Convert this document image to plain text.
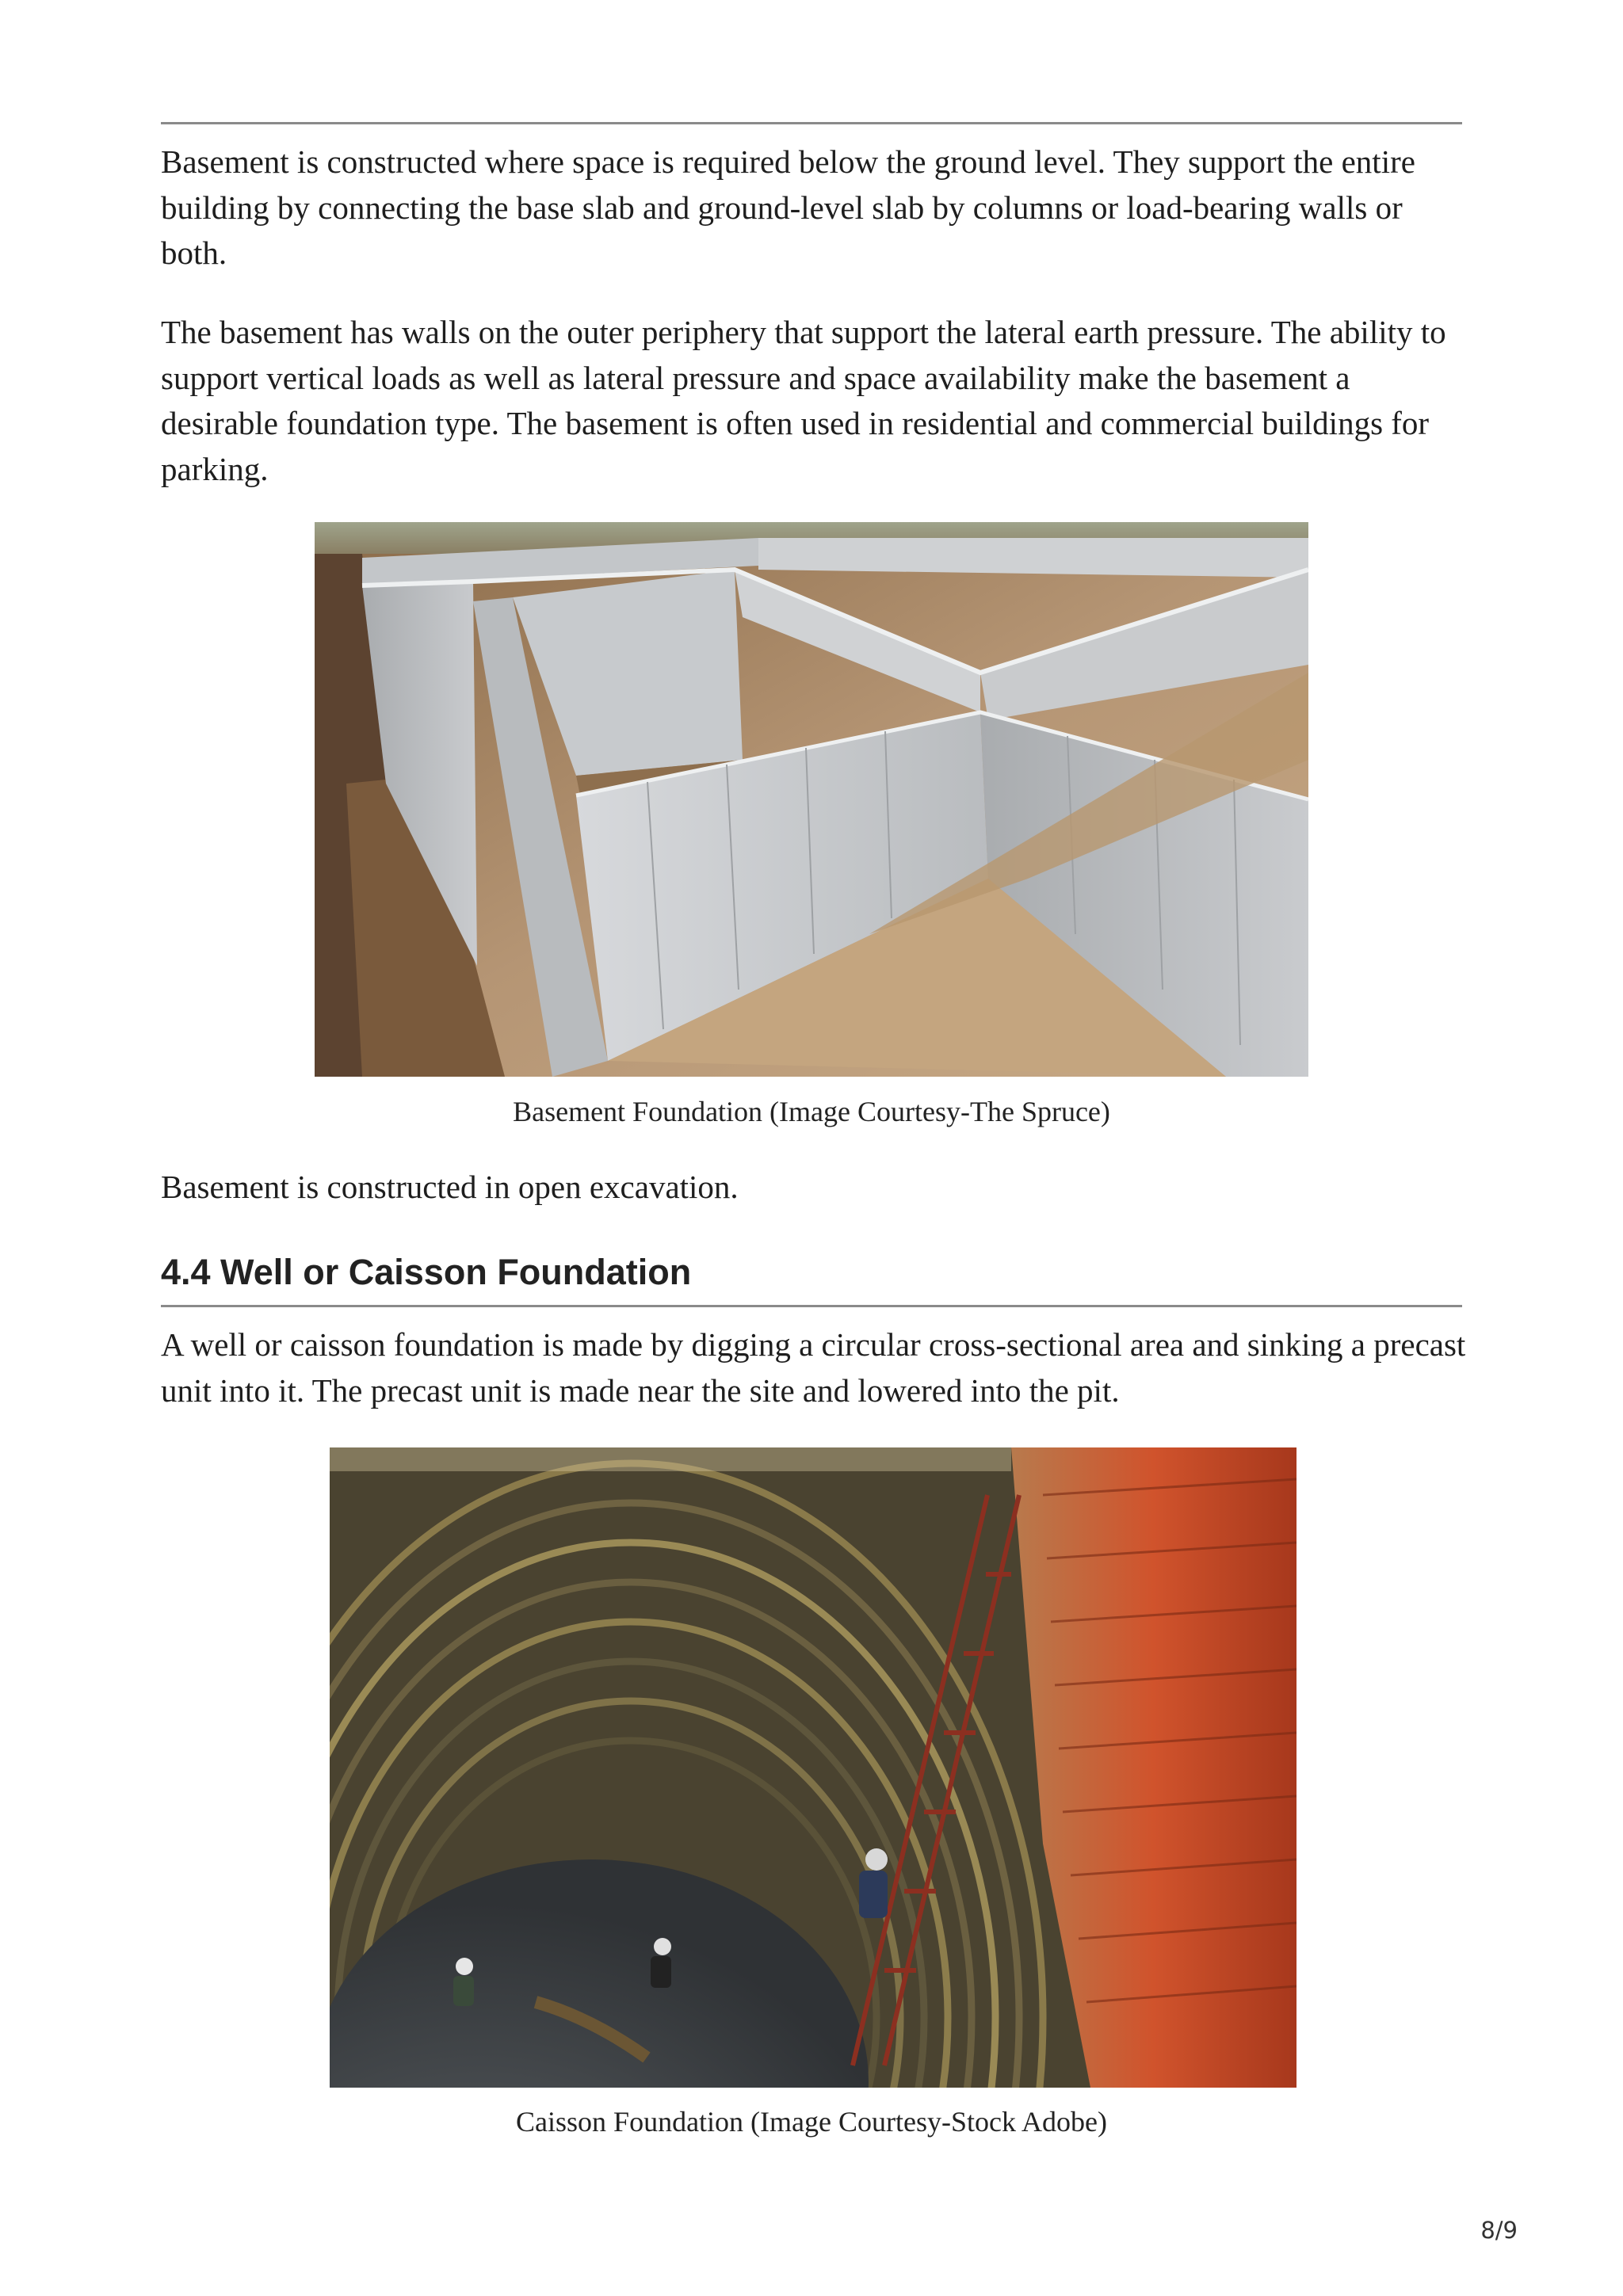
Basement is constructed where space is required below the ground level. They support the entire building by connecting the base slab and ground-level slab by columns or load-bearing walls or both.

The basement has walls on the outer periphery that support the lateral earth pressure. The ability to support vertical loads as well as lateral pressure and space availability make the basement a desirable foundation type. The basement is often used in residential and commercial buildings for parking.

Basement Foundation (Image Courtesy-The Spruce)

Basement is constructed in open excavation.

4.4 Well or Caisson Foundation

A well or caisson foundation is made by digging a circular cross-sectional area and sinking a precast unit into it. The precast unit is made near the site and lowered into the pit.

Caisson Foundation (Image Courtesy-Stock Adobe)

8/9
